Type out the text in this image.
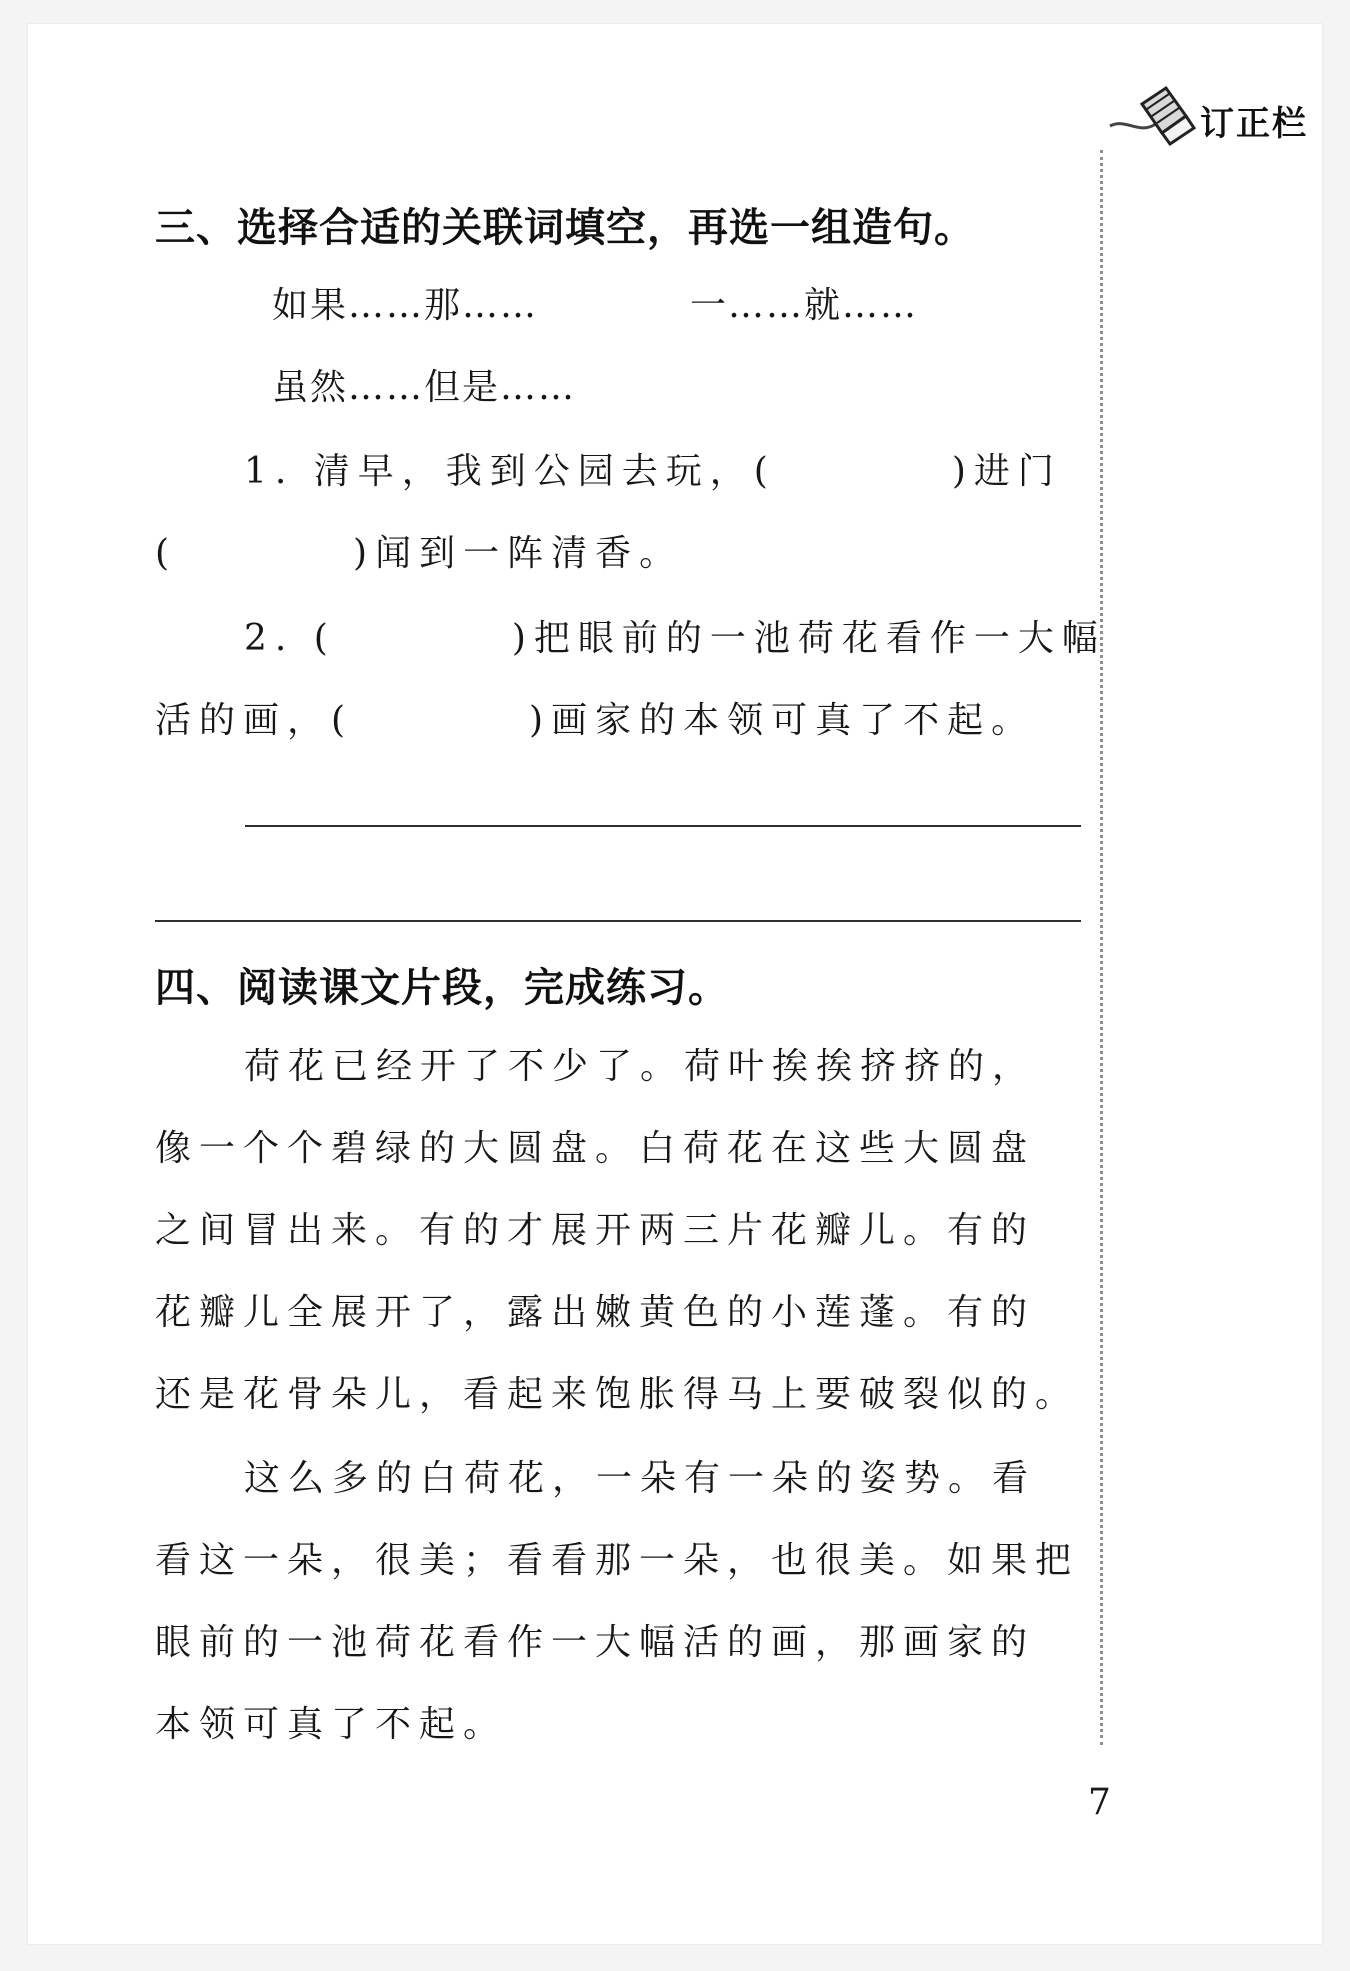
订正栏
三、选择合适的关联词填空，再选一组造句。
如果……那……	一……就……
虽然……但是……
1. 清早，我到公园去玩，(　　　　)进门
(　　　　)闻到一阵清香。
2. (　　　　)把眼前的一池荷花看作一大幅
活的画，(　　　　)画家的本领可真了不起。
四、阅读课文片段，完成练习。
荷花已经开了不少了。荷叶挨挨挤挤的，
像一个个碧绿的大圆盘。白荷花在这些大圆盘
之间冒出来。有的才展开两三片花瓣儿。有的
花瓣儿全展开了，露出嫩黄色的小莲蓬。有的
还是花骨朵儿，看起来饱胀得马上要破裂似的。
这么多的白荷花，一朵有一朵的姿势。看
看这一朵，很美；看看那一朵，也很美。如果把
眼前的一池荷花看作一大幅活的画，那画家的
本领可真了不起。
7
